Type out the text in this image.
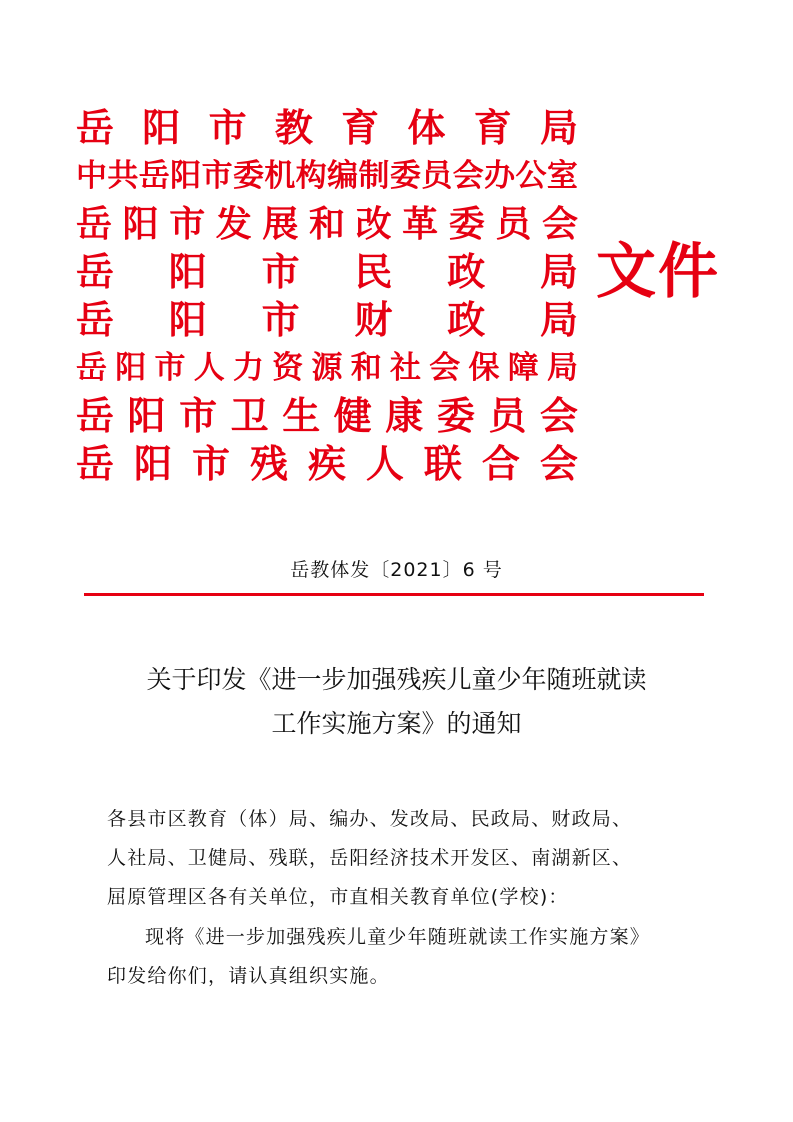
岳 阳 市 教 育 体 育 局
中 共 岳 阳 市 委 机 构 编 制 委 员 会 办 公 室
岳 阳 市 发 展 和 改 革 委 员 会
岳 阳 市 民 政 局
岳 阳 市 财 政 局
岳 阳 市 人 力 资 源 和 社 会 保 障 局
岳 阳 市 卫 生 健 康 委 员 会
岳 阳 市 残 疾 人 联 合 会
文件
岳教体发〔2021〕6 号
关于印发《进一步加强残疾儿童少年随班就读
工作实施方案》的通知
各县市区教育（体）局、编办、发改局、民政局、财政局、
人社局、卫健局、残联，岳阳经济技术开发区、南湖新区、
屈原管理区各有关单位，市直相关教育单位(学校)：
现将《进一步加强残疾儿童少年随班就读工作实施方案》
印发给你们，请认真组织实施。
